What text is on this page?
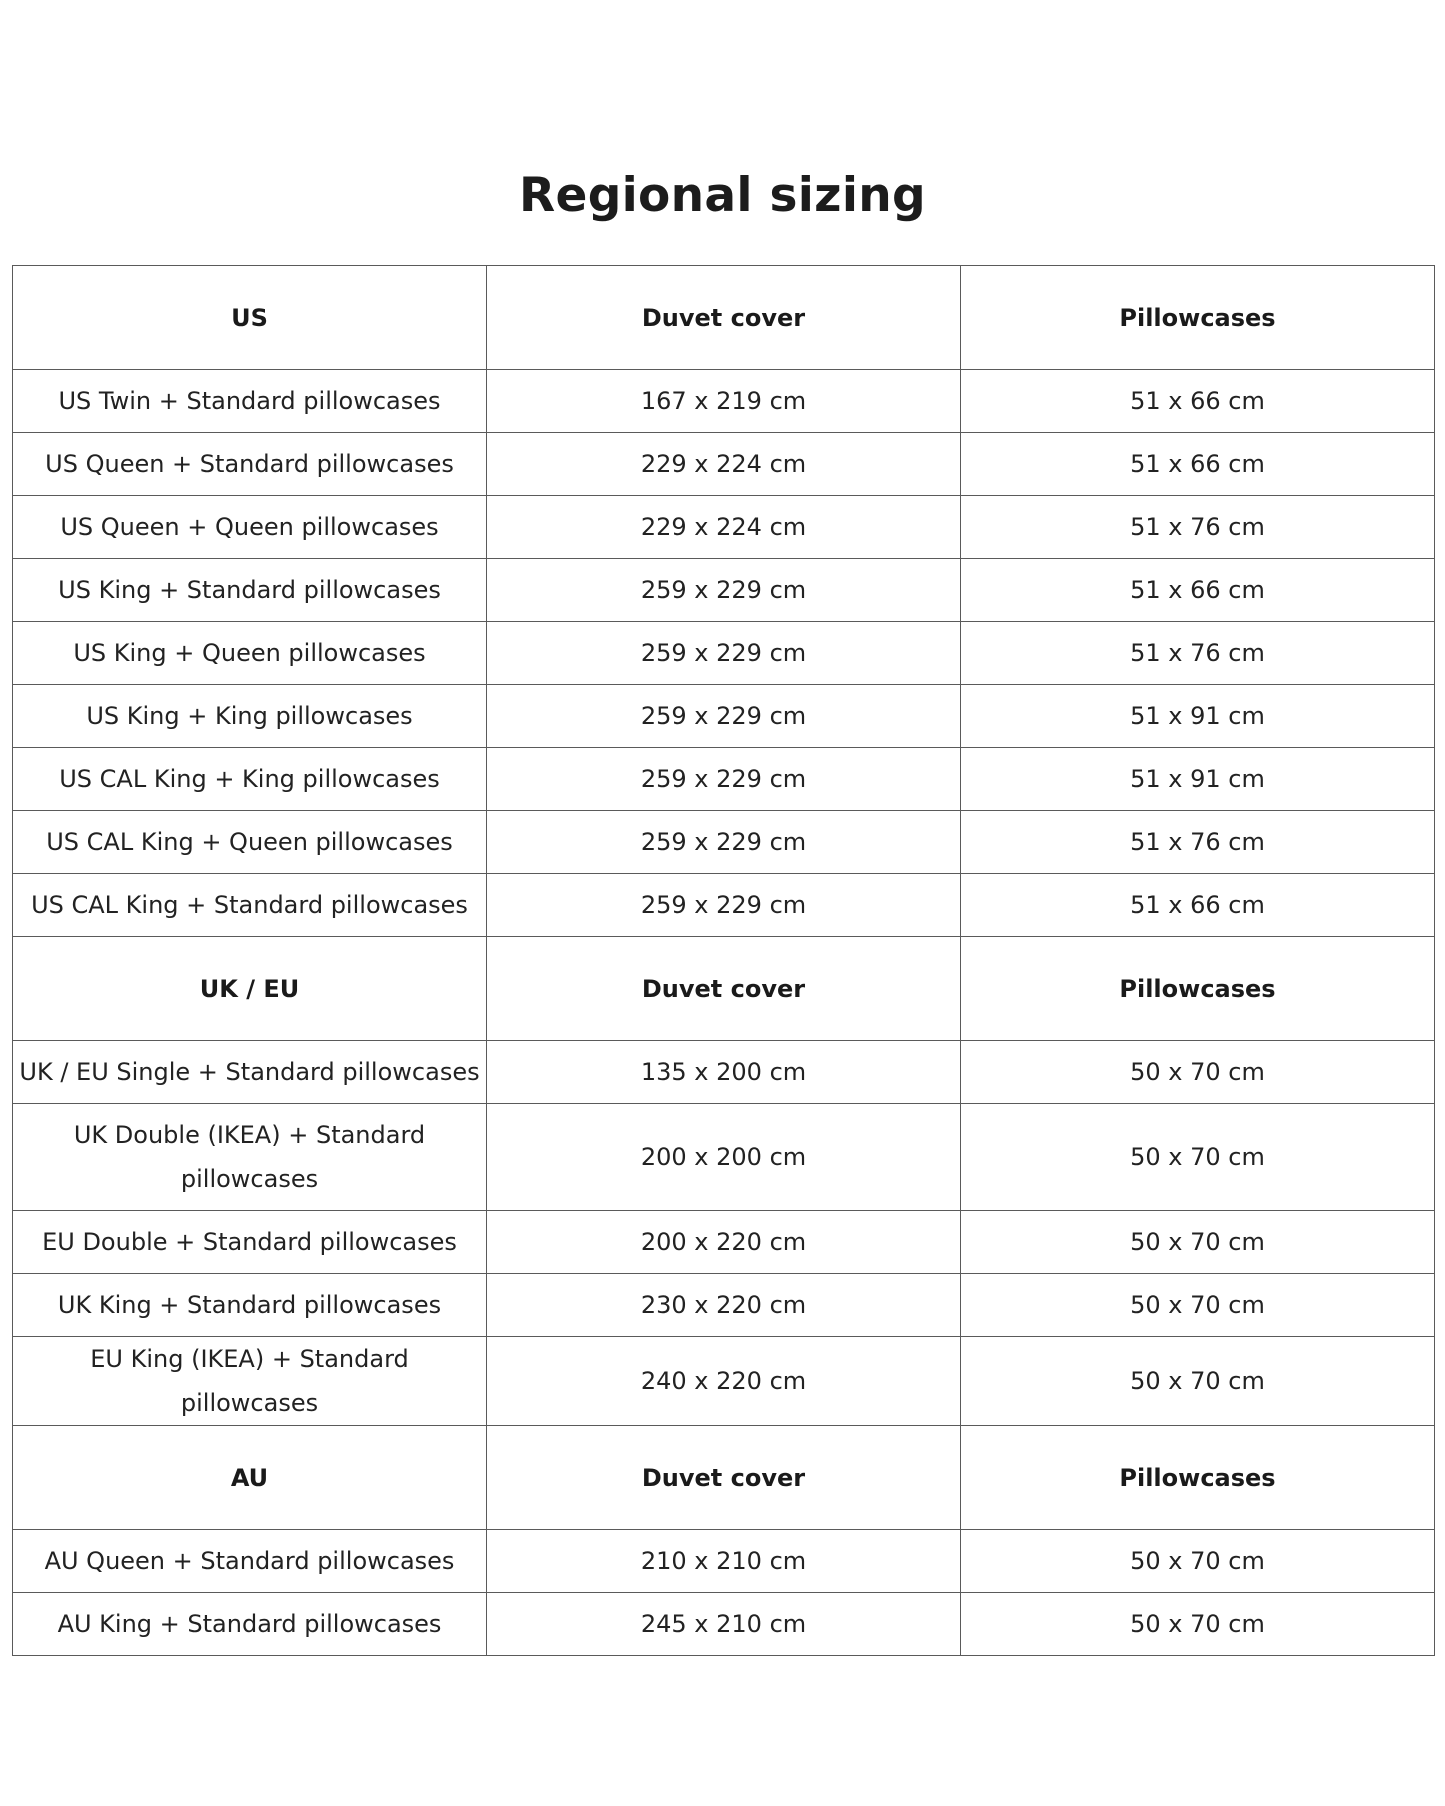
Regional sizing
US	Duvet cover	Pillowcases
US Twin + Standard pillowcases	167 x 219 cm	51 x 66 cm
US Queen + Standard pillowcases	229 x 224 cm	51 x 66 cm
US Queen + Queen pillowcases	229 x 224 cm	51 x 76 cm
US King + Standard pillowcases	259 x 229 cm	51 x 66 cm
US King + Queen pillowcases	259 x 229 cm	51 x 76 cm
US King + King pillowcases	259 x 229 cm	51 x 91 cm
US CAL King + King pillowcases	259 x 229 cm	51 x 91 cm
US CAL King + Queen pillowcases	259 x 229 cm	51 x 76 cm
US CAL King + Standard pillowcases	259 x 229 cm	51 x 66 cm
UK / EU	Duvet cover	Pillowcases
UK / EU Single + Standard pillowcases	135 x 200 cm	50 x 70 cm
UK Double (IKEA) + Standard pillowcases	200 x 200 cm	50 x 70 cm
EU Double + Standard pillowcases	200 x 220 cm	50 x 70 cm
UK King + Standard pillowcases	230 x 220 cm	50 x 70 cm
EU King (IKEA) + Standard pillowcases	240 x 220 cm	50 x 70 cm
AU	Duvet cover	Pillowcases
AU Queen + Standard pillowcases	210 x 210 cm	50 x 70 cm
AU King + Standard pillowcases	245 x 210 cm	50 x 70 cm
